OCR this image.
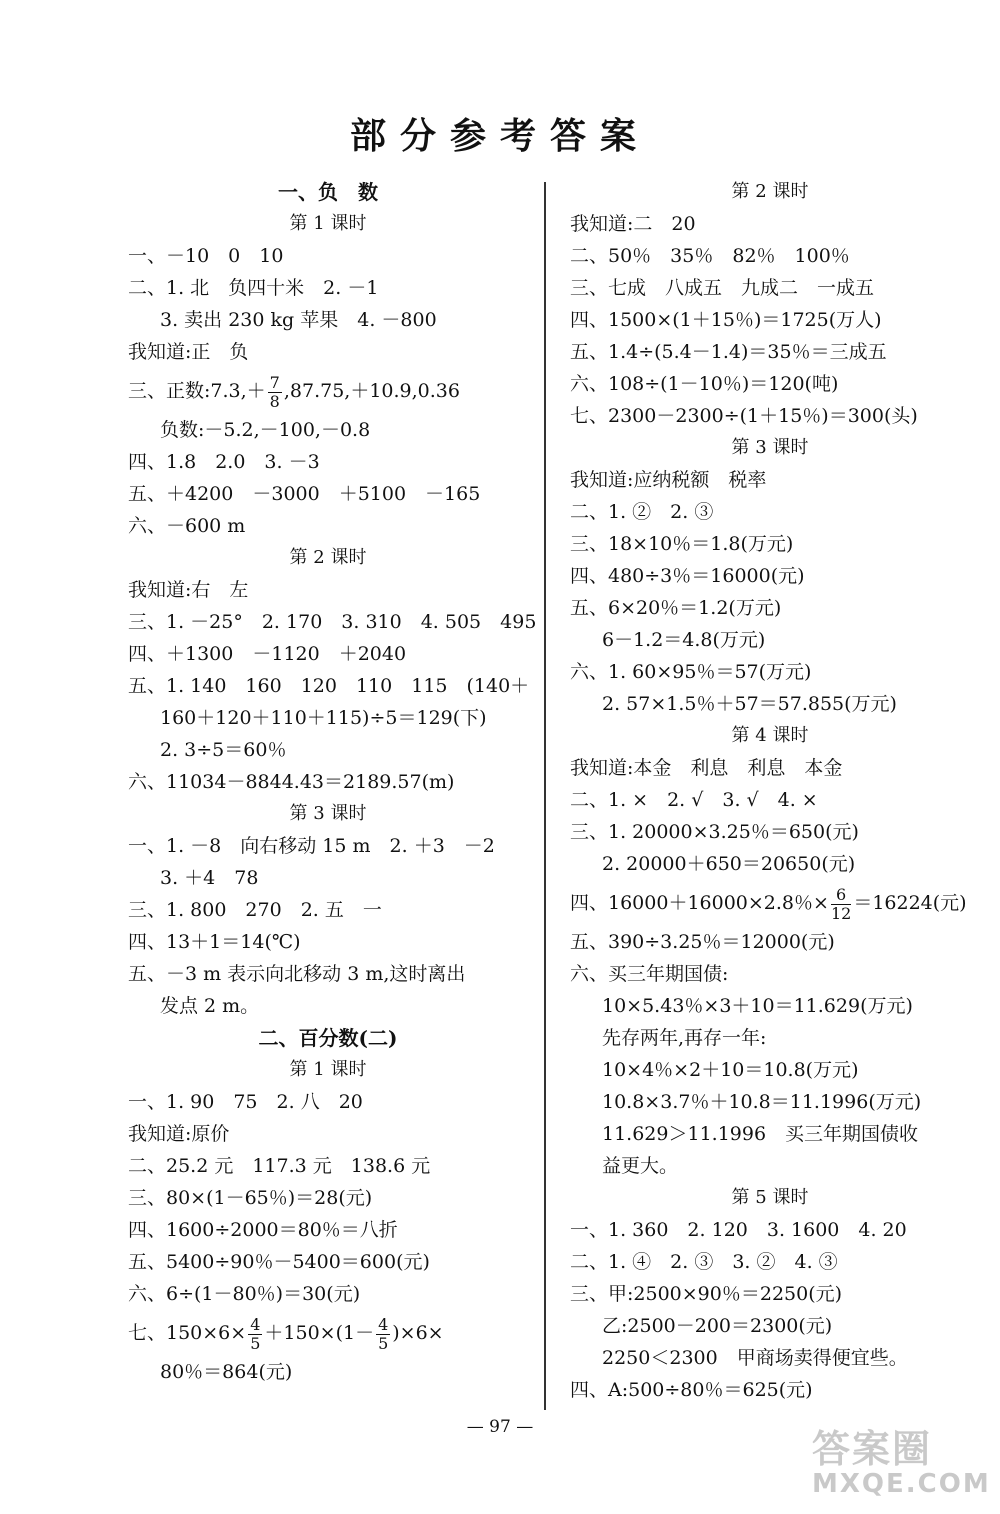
部分参考答案
一、负　数
第 1 课时
一、－10　0　10
二、1. 北　负四十米　2. －1
3. 卖出 230 kg 苹果　4. －800
我知道:正　负
三、正数:7.3,＋ $\frac{7}{8} ,87.75,+10.9,0.36$
负数:－5.2,－100,－0.8
四、1.8　2.0　3. －3
五、＋4200　－3000　＋5100　－165
六、－600 m
第 2 课时
我知道:右　左
三、1. －25°　2. 170　3. 310　4. 505　495
四、＋1300　－1120　＋2040
五、1. 140　160　120　110　115　(140＋
160＋120＋110＋115)÷5＝129(下)
2. 3÷5＝60％
六、11034－8844.43＝2189.57(m)
第 3 课时
一、1. －8　向右移动 15 m　2. ＋3　－2
3. ＋4　78
三、1. 800　270　2. 五　一
四、13＋1＝14(℃)
五、－3 m 表示向北移动 3 m,这时离出
发点 2 m。
二、百分数(二)
第 1 课时
一、1. 90　75　2. 八　20
我知道:原价
二、25.2 元　117.3 元　138.6 元
三、80×(1－65％)＝28(元)
四、1600÷2000＝80％＝八折
五、5400÷90％－5400＝600(元)
六、6÷(1－80％)＝30(元)
七、$150\times 6\times \frac{4}{5} +150\times(1- \frac{4}{5} )\times 6\times$
80％＝864(元)
第 2 课时
我知道:二　20
二、50％　35％　82％　100％
三、七成　八成五　九成二　一成五
四、1500×(1＋15％)＝1725(万人)
五、1.4÷(5.4－1.4)＝35％＝三成五
六、108÷(1－10％)＝120(吨)
七、2300－2300÷(1＋15％)＝300(头)
第 3 课时
我知道:应纳税额　税率
二、1. ②　2. ③
三、18×10％＝1.8(万元)
四、480÷3％＝16000(元)
五、6×20％＝1.2(万元)
6－1.2＝4.8(万元)
六、1. 60×95％＝57(万元)
2. 57×1.5％＋57＝57.855(万元)
第 4 课时
我知道:本金　利息　利息　本金
二、1. ×　2. √　3. √　4. ×
三、1. 20000×3.25％＝650(元)
2. 20000＋650＝20650(元)
四、16000＋16000×2.8％× $\frac{6}{12} =16224$(元)
五、390÷3.25％＝12000(元)
六、买三年期国债:
10×5.43％×3＋10＝11.629(万元)
先存两年,再存一年:
10×4％×2＋10＝10.8(万元)
10.8×3.7％＋10.8＝11.1996(万元)
11.629＞11.1996　买三年期国债收
益更大。
第 5 课时
一、1. 360　2. 120　3. 1600　4. 20
二、1. ④　2. ③　3. ②　4. ③
三、甲:2500×90％＝2250(元)
乙:2500－200＝2300(元)
2250＜2300　甲商场卖得便宜些。
四、A:500÷80％＝625(元)
— 97 —	答案圈
MXQE.COM
